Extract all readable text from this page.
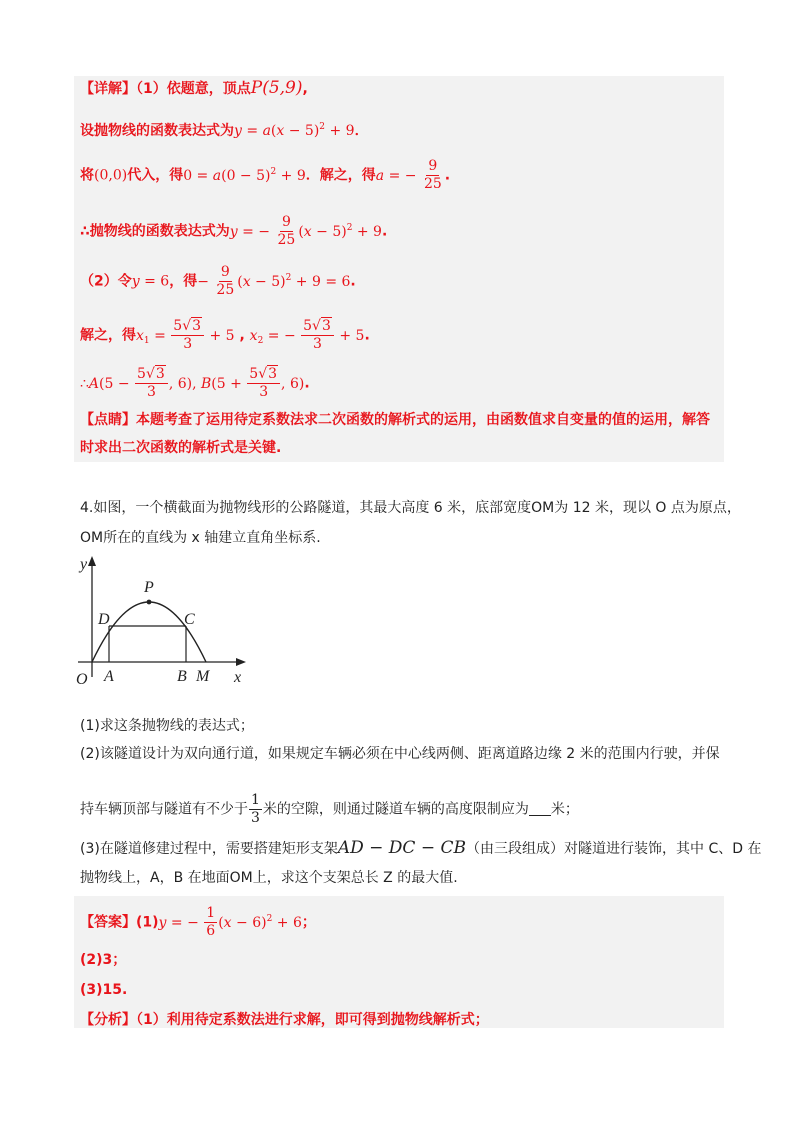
【详解】（1）依题意，顶点P(5,9),
设抛物线的函数表达式为$y = a(x - 5)^2 + 9$．
将(0,0)代入，得$0 = a(0 - 5)^2 + 9$．解之，得a = − $\frac{9}{25}$ .
∴抛物线的函数表达式为y = − $\frac{9}{25} (x - 5)^2 + 9$.
（2）令y = 6，得− $\frac{9}{25} (x - 5)^2 + 9 = 6$.
解之，得$x_1 = \frac{5√3}{3} + 5$ , $x_2$ = − $\frac{5√3}{3} + 5$.
∴A(5 − $\frac{5√3}{3}$ , 6), $B(5 + \frac{5√3}{3}$ , 6).
【点睛】本题考查了运用待定系数法求二次函数的解析式的运用，由函数值求自变量的值的运用，解答
时求出二次函数的解析式是关键.
4.如图，一个横截面为抛物线形的公路隧道，其最大高度 6 米，底部宽度OM为 12 米，现以 O 点为原点，
OM所在的直线为 x 轴建立直角坐标系.
y
x
O
P
D	C
A	B M
(1)求这条抛物线的表达式；
(2)该隧道设计为双向通行道，如果规定车辆必须在中心线两侧、距离道路边缘 2 米的范围内行驶，并保
持车辆顶部与隧道有不少于 $\frac{1}{3}$ 米的空隙，则通过隧道车辆的高度限制应为 米；
(3)在隧道修建过程中，需要搭建矩形支架AD − DC − CB（由三段组成）对隧道进行装饰，其中 C、D 在
抛物线上，A，B 在地面OM上，求这个支架总长 Z 的最大值.
【答案】(1)y = − $\frac{1}{6} (x - 6)^2 + 6$；
(2)3；
(3)15.
【分析】（1）利用待定系数法进行求解，即可得到抛物线解析式；
